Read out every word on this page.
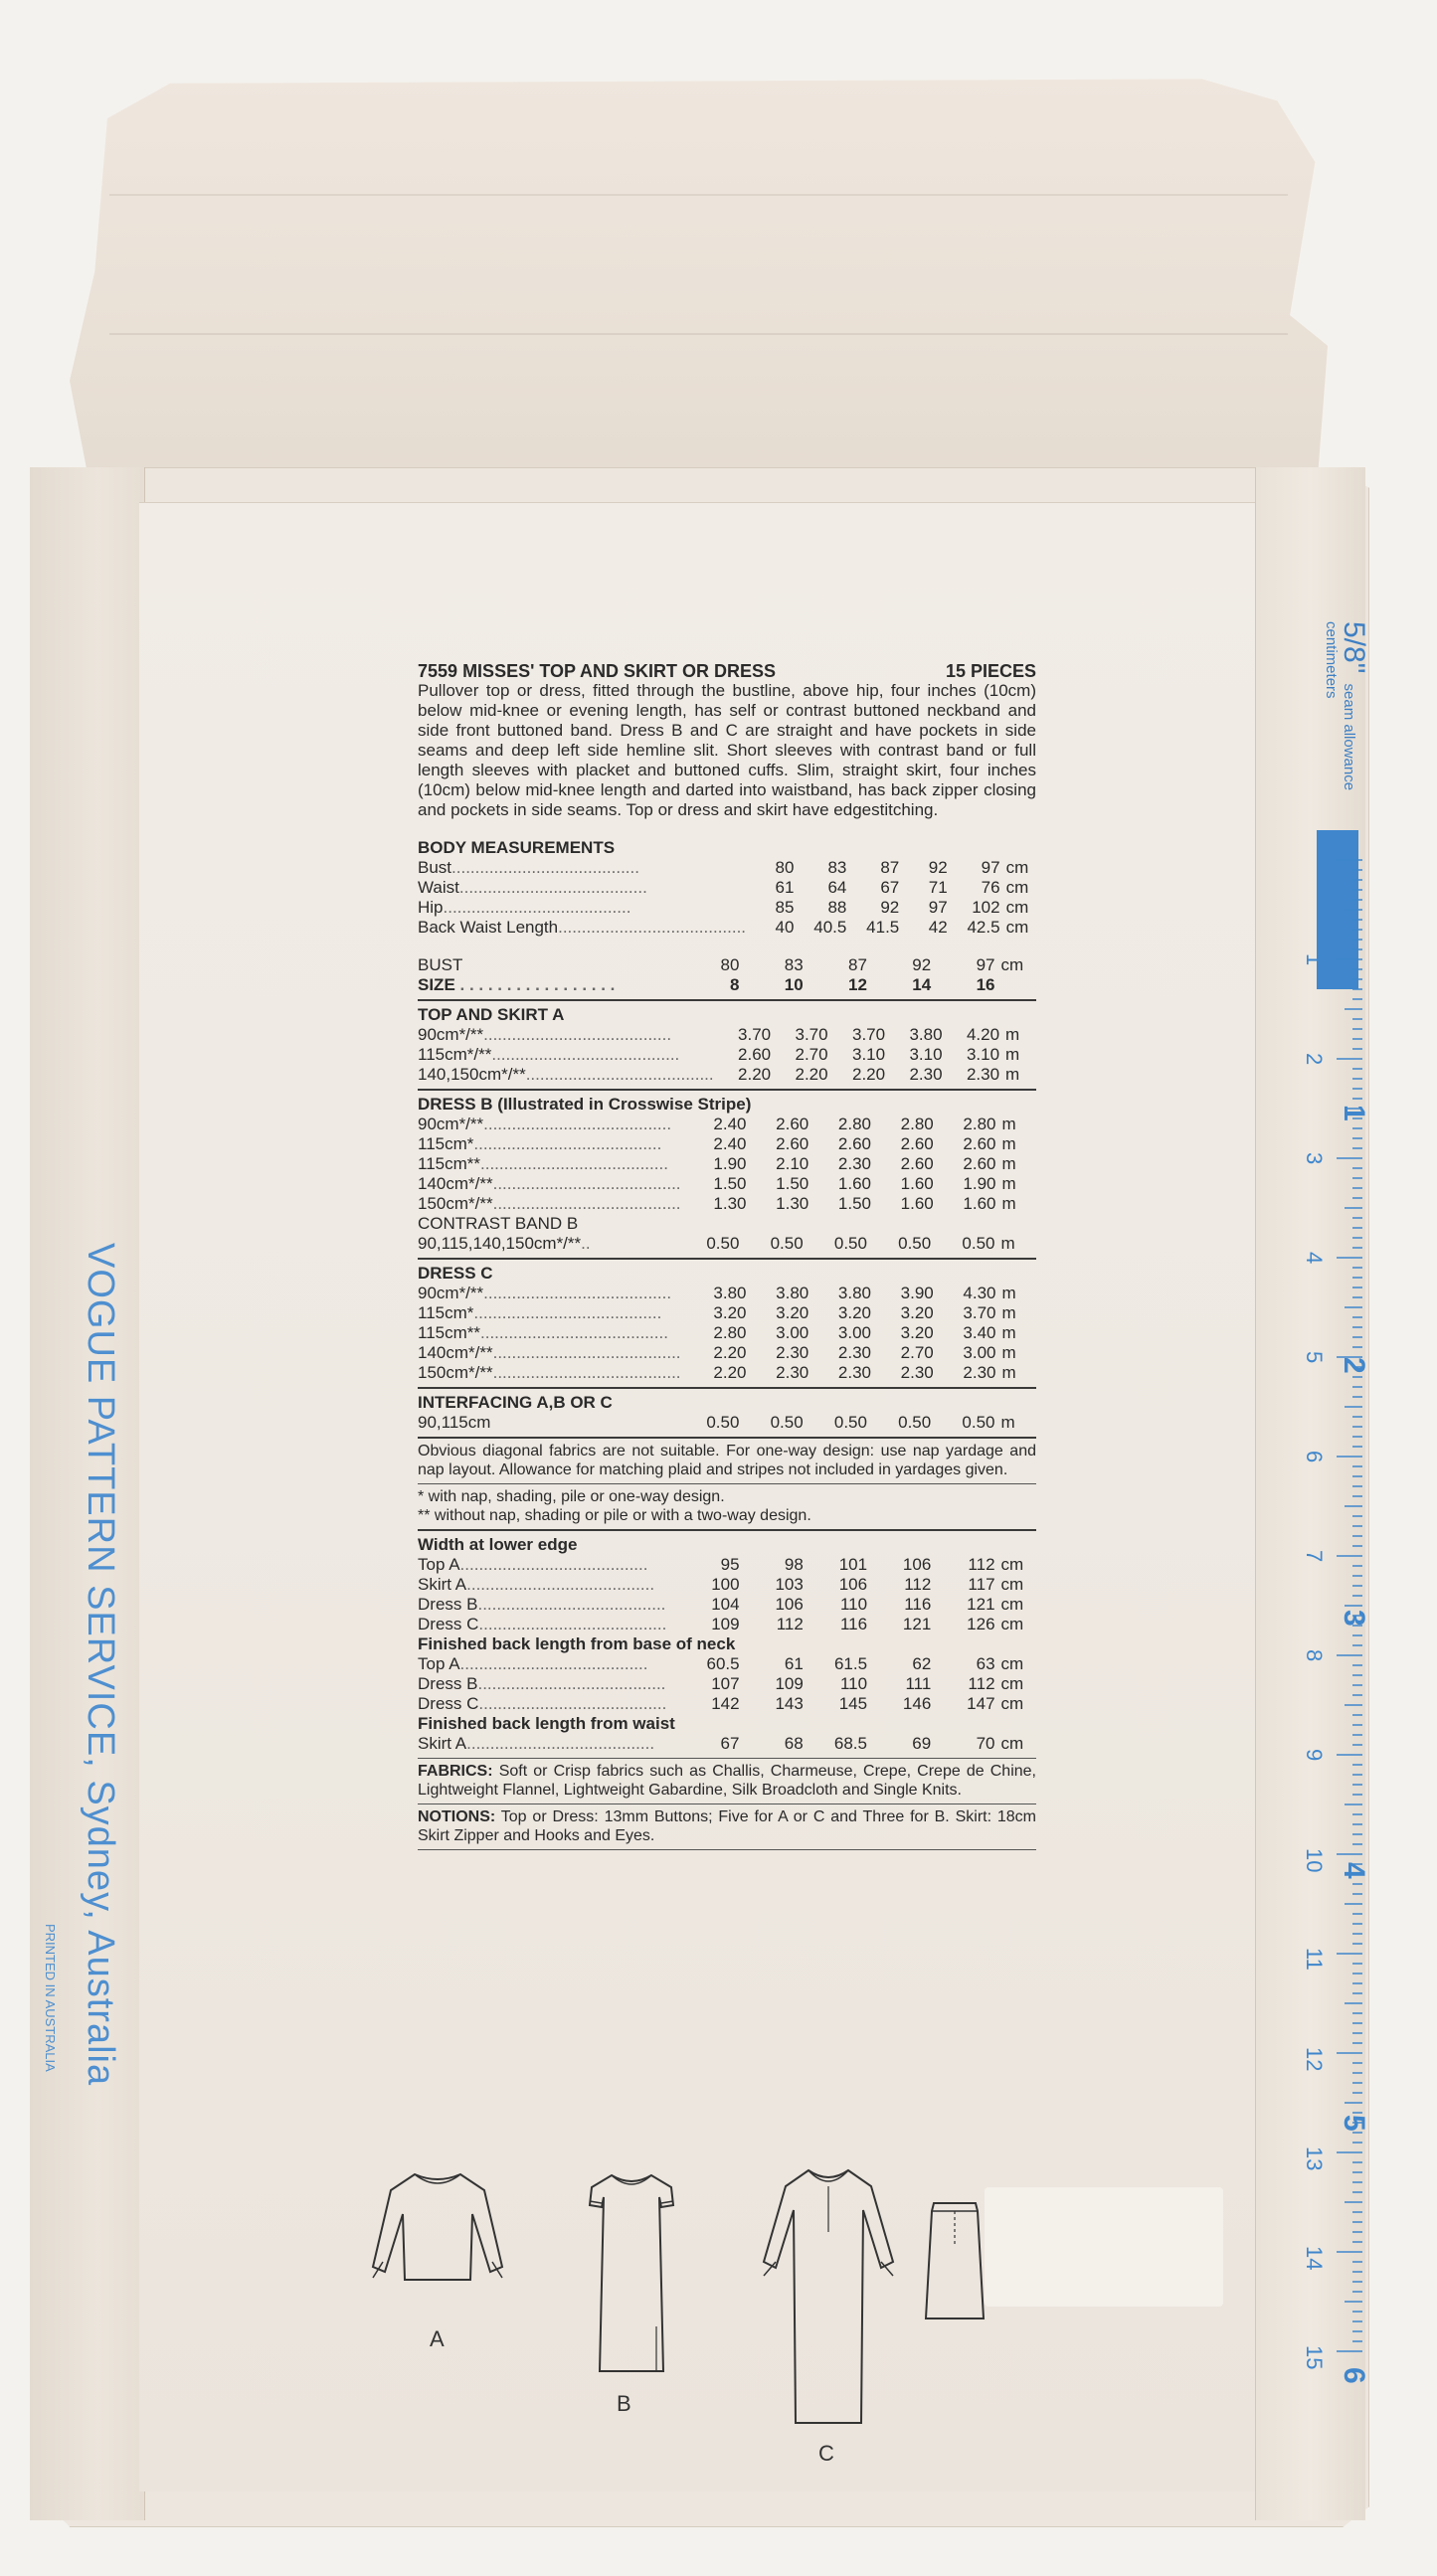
VOGUE PATTERN SERVICE, Sydney, Australia
PRINTED IN AUSTRALIA
5/8" seam allowance
centimeters
1
2
3
4
5
6
7
8
9
10
11
12
13
14
15
1
2
3
4
5
6
7559 MISSES' TOP AND SKIRT OR DRESS	15 PIECES

Pullover top or dress, fitted through the bustline, above hip, four inches (10cm) below mid-knee or evening length, has self or contrast buttoned neckband and side front buttoned band. Dress B and C are straight and have pockets in side seams and deep left side hemline slit. Short sleeves with contrast band or full length sleeves with placket and buttoned cuffs. Slim, straight skirt, four inches (10cm) below mid-knee length and darted into waistband, has back zipper closing and pockets in side seams. Top or dress and skirt have edgestitching.

BODY MEASUREMENTS
Bust........................................	80	83	87	92	97	cm
Waist........................................	61	64	67	71	76	cm
Hip........................................	85	88	92	97	102	cm
Back Waist Length........................................	40	40.5	41.5	42	42.5	cm
BUST	80	83	87	92	97	cm
SIZE . . . . . . . . . . . . . . . . .	8	10	12	14	16	
TOP AND SKIRT A
90cm*/**........................................	3.70	3.70	3.70	3.80	4.20	m
115cm*/**........................................	2.60	2.70	3.10	3.10	3.10	m
140,150cm*/**........................................	2.20	2.20	2.20	2.30	2.30	m
DRESS B (Illustrated in Crosswise Stripe)
90cm*/**........................................	2.40	2.60	2.80	2.80	2.80	m
115cm*........................................	2.40	2.60	2.60	2.60	2.60	m
115cm**........................................	1.90	2.10	2.30	2.60	2.60	m
140cm*/**........................................	1.50	1.50	1.60	1.60	1.90	m
150cm*/**........................................	1.30	1.30	1.50	1.60	1.60	m
CONTRAST BAND B
90,115,140,150cm*/**..	0.50	0.50	0.50	0.50	0.50	m
DRESS C
90cm*/**........................................	3.80	3.80	3.80	3.90	4.30	m
115cm*........................................	3.20	3.20	3.20	3.20	3.70	m
115cm**........................................	2.80	3.00	3.00	3.20	3.40	m
140cm*/**........................................	2.20	2.30	2.30	2.70	3.00	m
150cm*/**........................................	2.20	2.30	2.30	2.30	2.30	m
INTERFACING A,B OR C
90,115cm	0.50	0.50	0.50	0.50	0.50	m

Obvious diagonal fabrics are not suitable. For one-way design: use nap yardage and nap layout. Allowance for matching plaid and stripes not included in yardages given.

* with nap, shading, pile or one-way design.

** without nap, shading or pile or with a two-way design.

Width at lower edge
Top A........................................	95	98	101	106	112	cm
Skirt A........................................	100	103	106	112	117	cm
Dress B........................................	104	106	110	116	121	cm
Dress C........................................	109	112	116	121	126	cm
Finished back length from base of neck
Top A........................................	60.5	61	61.5	62	63	cm
Dress B........................................	107	109	110	111	112	cm
Dress C........................................	142	143	145	146	147	cm
Finished back length from waist
Skirt A........................................	67	68	68.5	69	70	cm

FABRICS: Soft or Crisp fabrics such as Challis, Charmeuse, Crepe, Crepe de Chine, Lightweight Flannel, Lightweight Gabardine, Silk Broadcloth and Single Knits.

NOTIONS: Top or Dress: 13mm Buttons; Five for A or C and Three for B. Skirt: 18cm Skirt Zipper and Hooks and Eyes.

A
B
C
